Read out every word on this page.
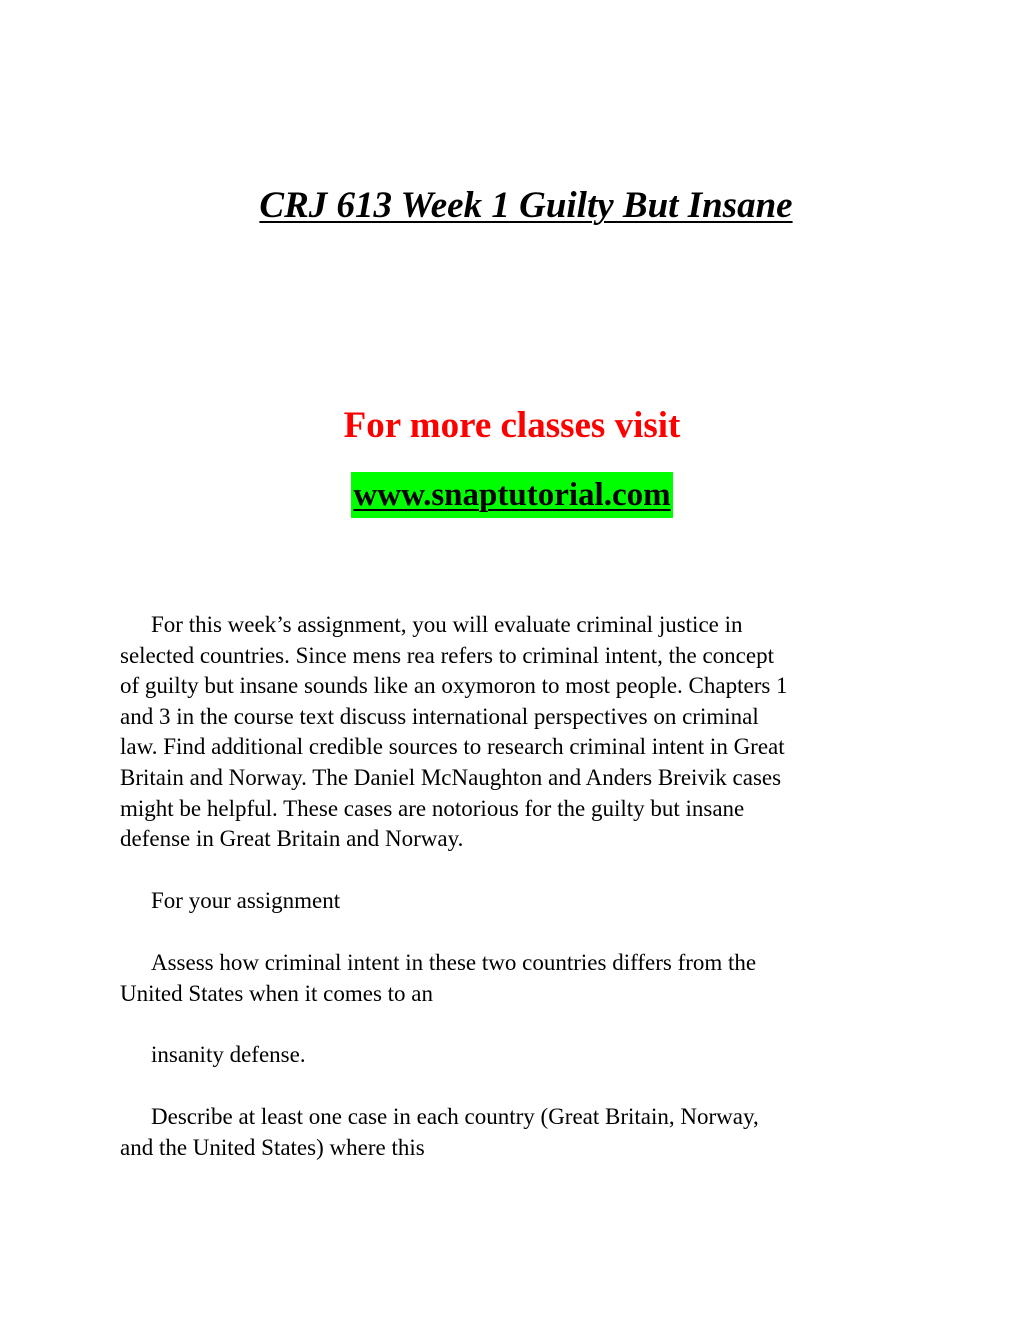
CRJ 613 Week 1 Guilty But Insane
For more classes visit
www.snaptutorial.com
For this week’s assignment, you will evaluate criminal justice in
selected countries. Since mens rea refers to criminal intent, the concept
of guilty but insane sounds like an oxymoron to most people. Chapters 1
and 3 in the course text discuss international perspectives on criminal
law. Find additional credible sources to research criminal intent in Great
Britain and Norway. The Daniel McNaughton and Anders Breivik cases
might be helpful. These cases are notorious for the guilty but insane
defense in Great Britain and Norway.
For your assignment
Assess how criminal intent in these two countries differs from the
United States when it comes to an
insanity defense.
Describe at least one case in each country (Great Britain, Norway,
and the United States) where this
